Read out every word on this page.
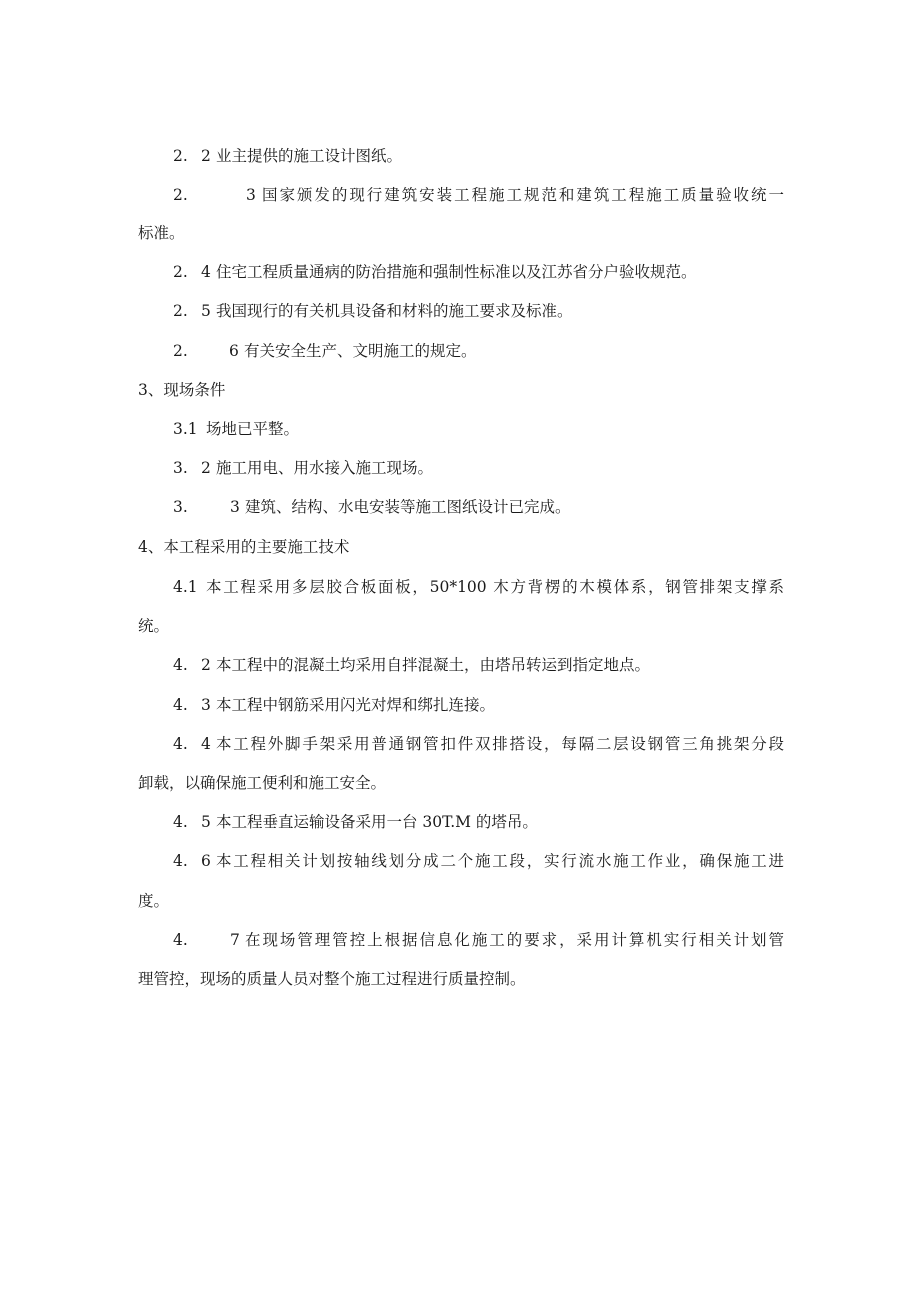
2. 2 业主提供的施工设计图纸。
2.	3 国家颁发的现行建筑安装工程施工规范和建筑工程施工质量验收统一
标准。
2. 4 住宅工程质量通病的防治措施和强制性标准以及江苏省分户验收规范。
2. 5 我国现行的有关机具设备和材料的施工要求及标准。
2.	6 有关安全生产、文明施工的规定。
3、现场条件
3.1 场地已平整。
3. 2 施工用电、用水接入施工现场。
3.	3 建筑、结构、水电安装等施工图纸设计已完成。
4、本工程采用的主要施工技术
4.1 本工程采用多层胶合板面板，50*100 木方背楞的木模体系，钢管排架支撑系
统。
4. 2 本工程中的混凝土均采用自拌混凝土，由塔吊转运到指定地点。
4. 3 本工程中钢筋采用闪光对焊和绑扎连接。
4. 4 本工程外脚手架采用普通钢管扣件双排搭设，每隔二层设钢管三角挑架分段
卸载，以确保施工便利和施工安全。
4. 5 本工程垂直运输设备采用一台 30T.M 的塔吊。
4. 6 本工程相关计划按轴线划分成二个施工段，实行流水施工作业，确保施工进
度。
4.	7 在现场管理管控上根据信息化施工的要求，采用计算机实行相关计划管
理管控，现场的质量人员对整个施工过程进行质量控制。
